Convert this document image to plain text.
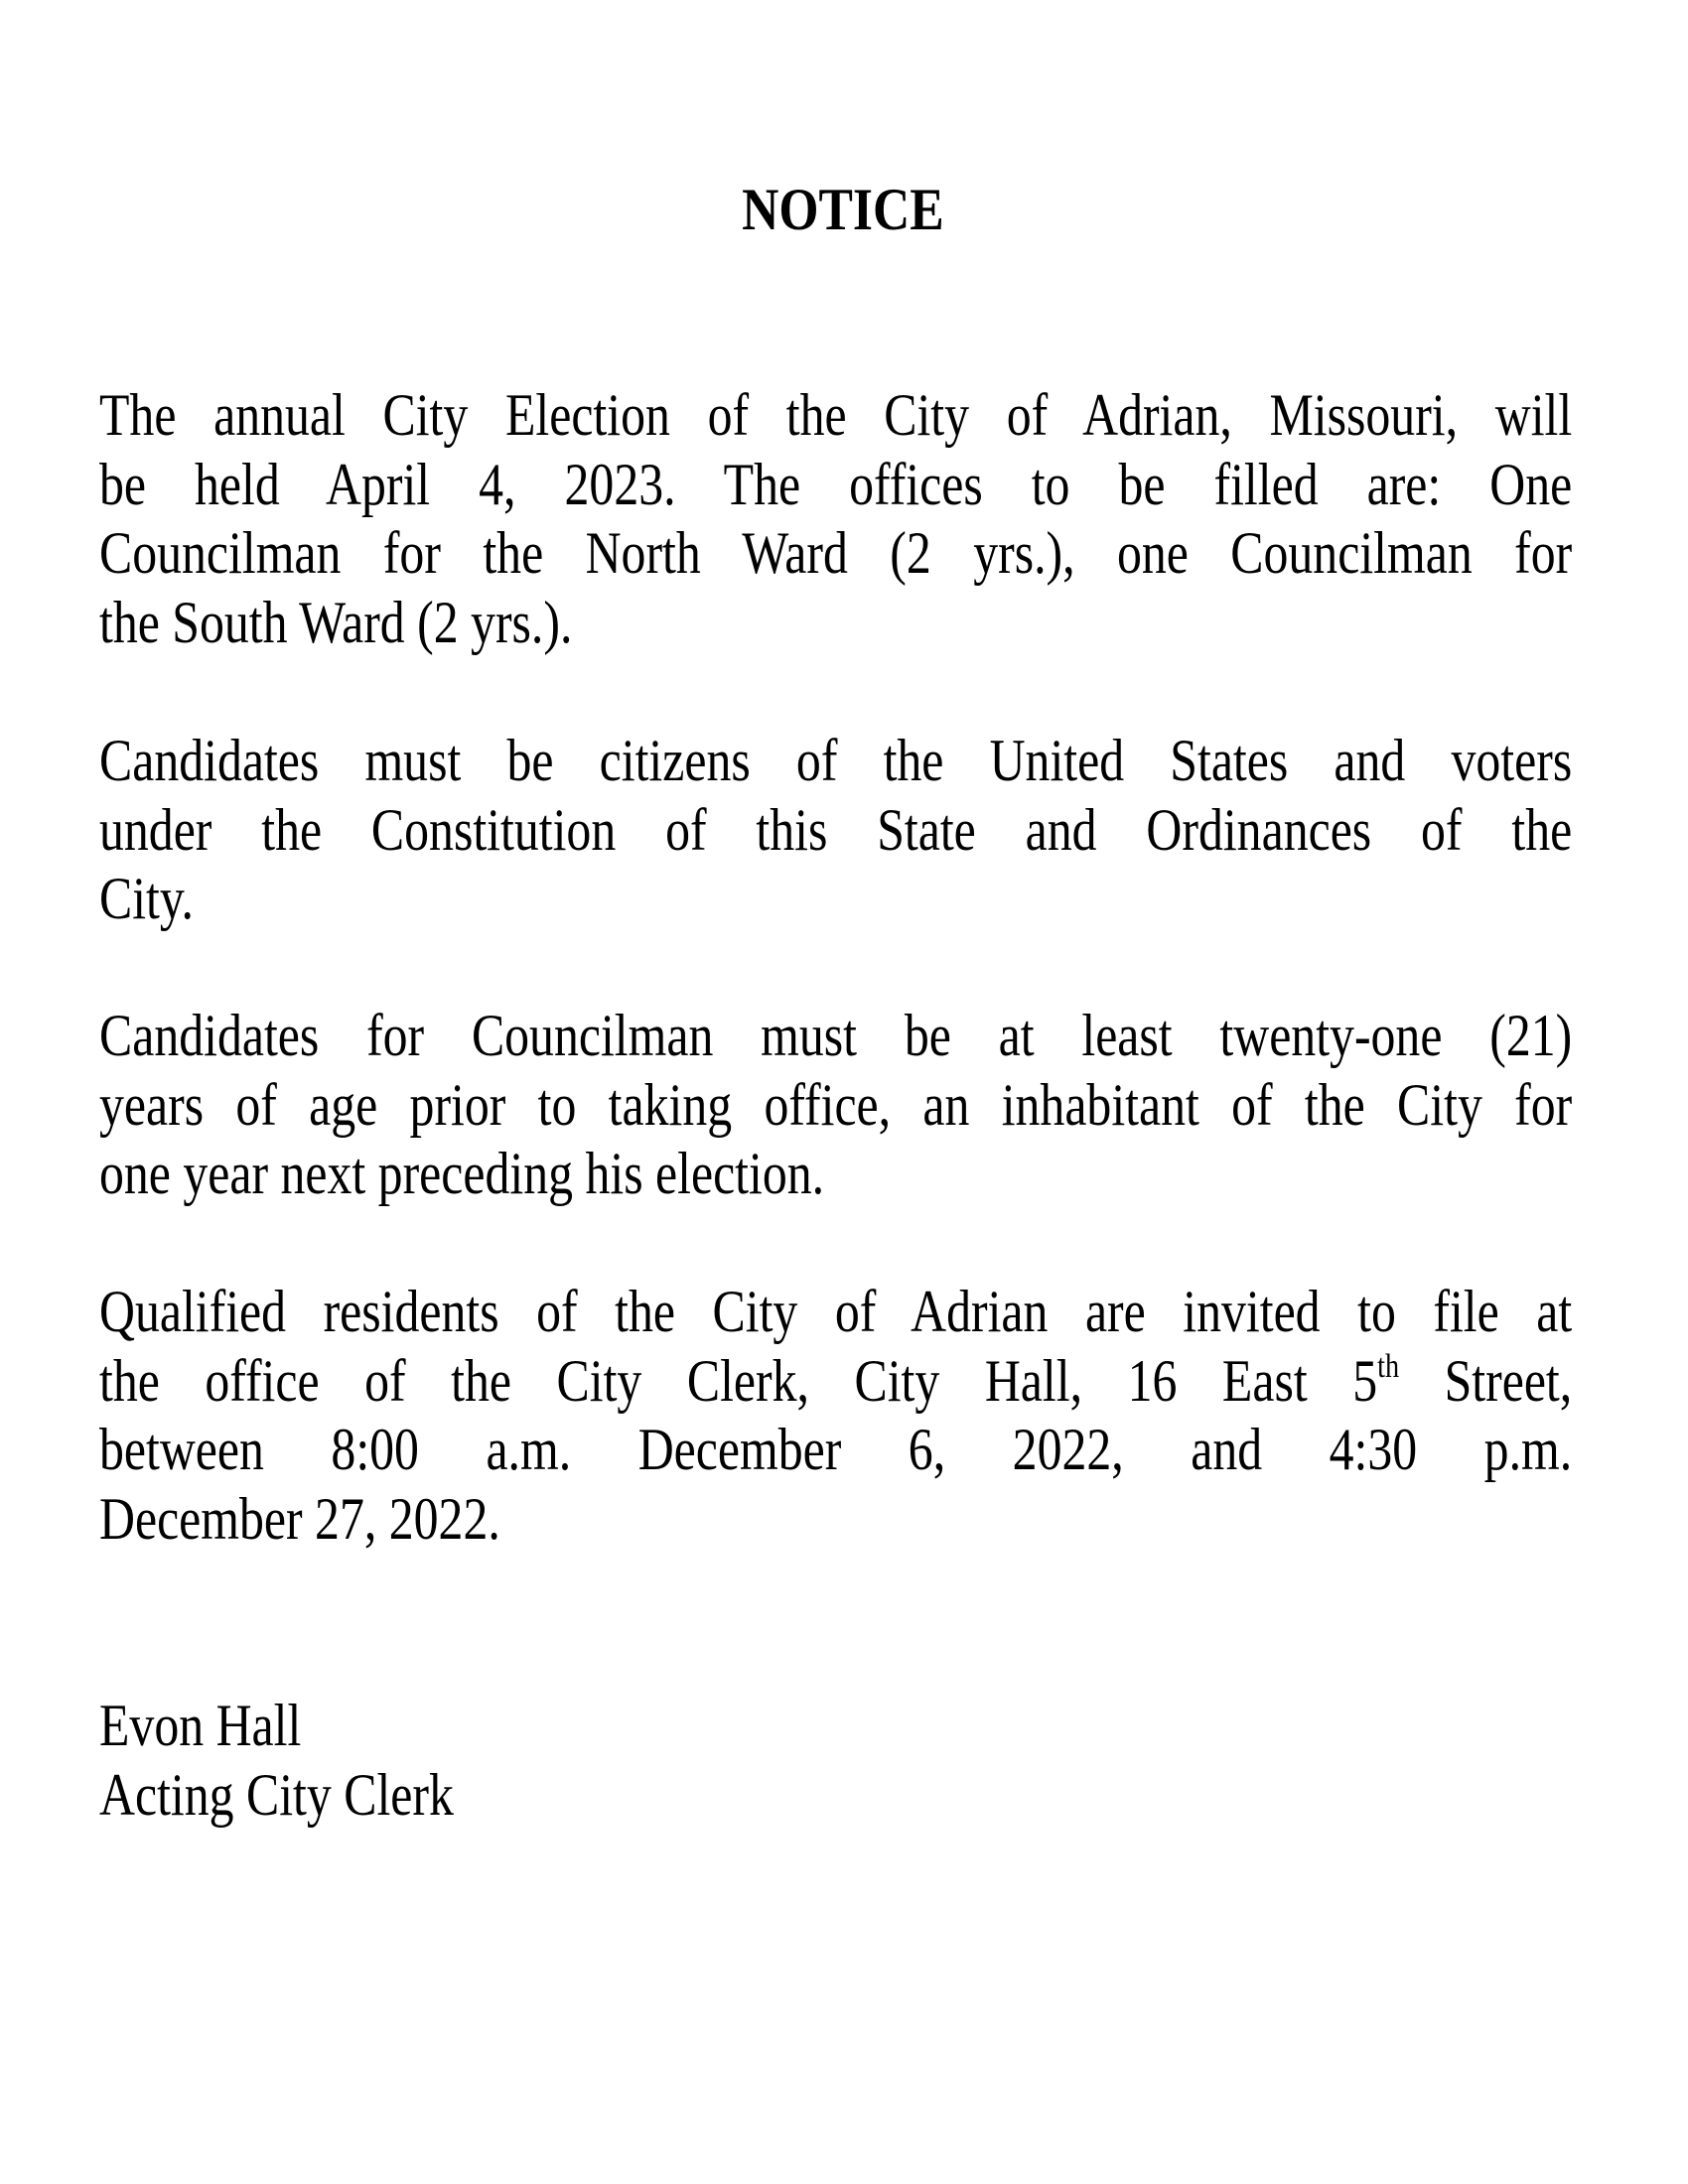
NOTICE
The annual City Election of the City of Adrian, Missouri, will
be held April 4, 2023. The offices to be filled are: One
Councilman for the North Ward (2 yrs.), one Councilman for
the South Ward (2 yrs.).
Candidates must be citizens of the United States and voters
under the Constitution of this State and Ordinances of the
City.
Candidates for Councilman must be at least twenty-one (21)
years of age prior to taking office, an inhabitant of the City for
one year next preceding his election.
Qualified residents of the City of Adrian are invited to file at
the office of the City Clerk, City Hall, 16 East 5th Street,
between 8:00 a.m. December 6, 2022, and 4:30 p.m.
December 27, 2022.
Evon Hall
Acting City Clerk
